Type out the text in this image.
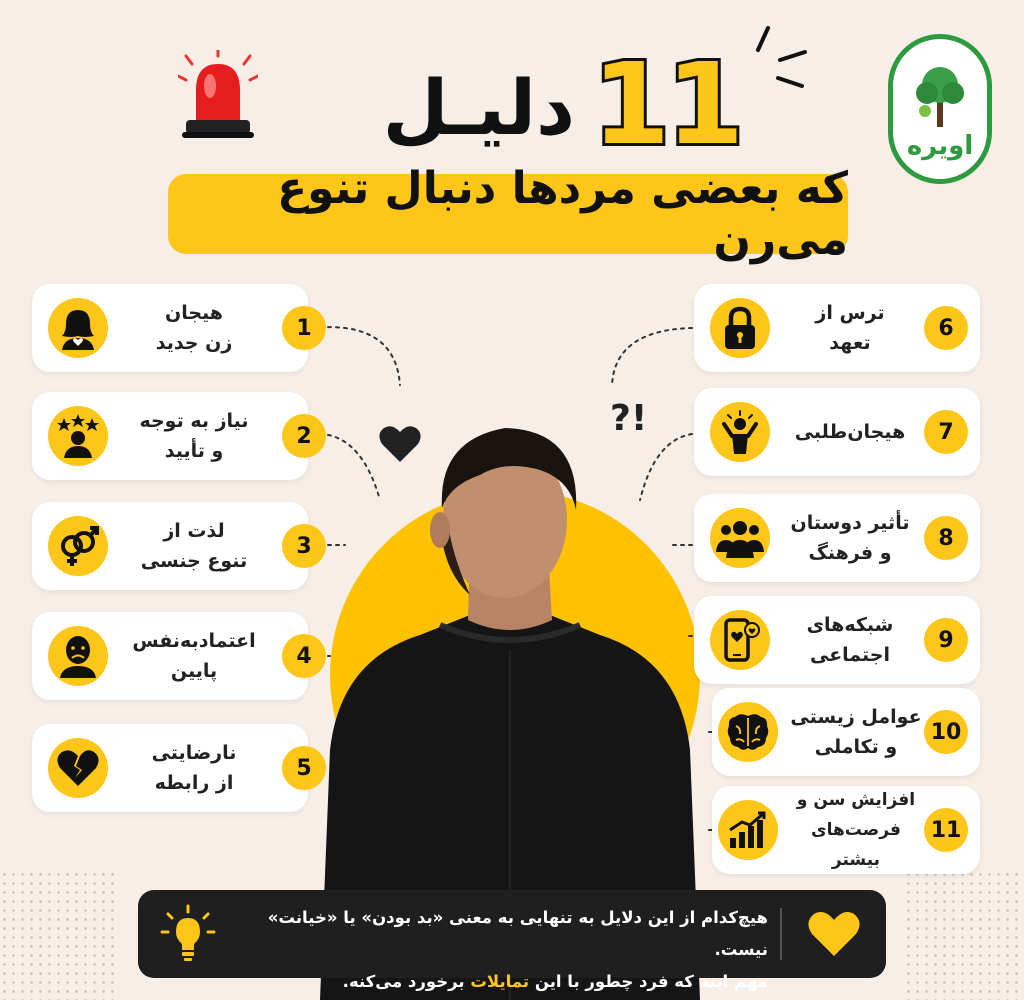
11
دلیـل
که بعضی مردها دنبال تنوع می‌رن
اویره
?!
1
هیجان
زن جدید
2
نیاز به توجه
و تأیید
3
لذت از
تنوع جنسی
4
اعتمادبه‌نفس
پایین
5
نارضایتی
از رابطه
6
ترس از
تعهد
7
هیجان‌طلبی
8
تأثیر دوستان
و فرهنگ
9
شبکه‌های
اجتماعی
10
عوامل زیستی
و تکاملی
11
افزایش سن و
فرصت‌های بیشتر
هیچ‌کدام از این دلایل به تنهایی به معنی «بد بودن» یا «خیانت» نیست.
مهم اینه که فرد چطور با این تمایلات برخورد می‌کنه.
